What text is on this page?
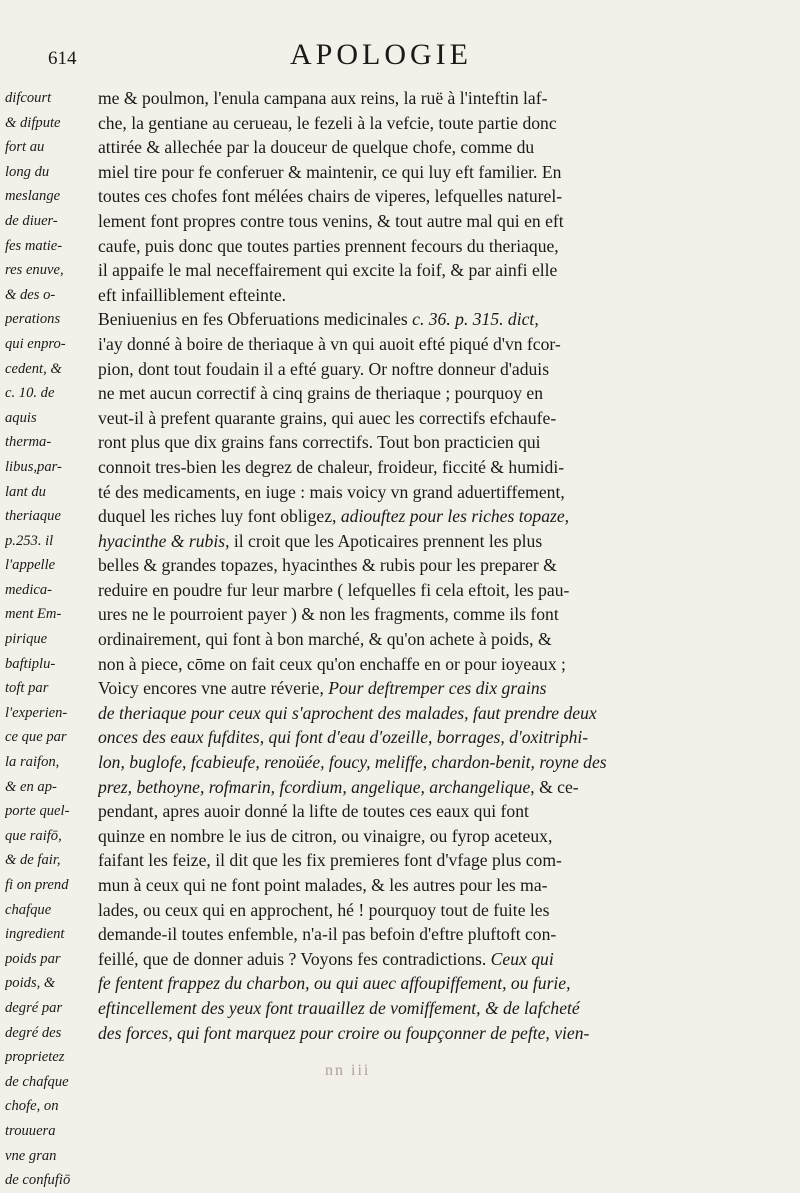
614	APOLOGIE
difcourt
& difpute
fort au
long du
meslange
de diuer-
fes matie-
res enuve,
& des o-
perations
qui enpro-
cedent, &
c. 10. de
aquis
therma-
libus,par-
lant du
theriaque
p.253. il
l'appelle
medica-
ment Em-
pirique
baftiplu-
toft par
l'experien-
ce que par
la raifon,
& en ap-
porte quel-
que raifō,
& de fair,
fi on prend
chafque
ingredient
poids par
poids, &
degré par
degré des
proprietez
de chafque
chofe, on
trouuera
vne gran
de confufiō
me & poulmon, l'enula campana aux reins, la ruë à l'inteftin laf-
che, la gentiane au cerueau, le fezeli à la vefcie, toute partie donc
attirée & allechée par la douceur de quelque chofe, comme du
miel tire pour fe conferuer & maintenir, ce qui luy eft familier. En
toutes ces chofes font mélées chairs de viperes, lefquelles naturel-
lement font propres contre tous venins, & tout autre mal qui en eft
caufe, puis donc que toutes parties prennent fecours du theriaque,
il appaife le mal neceffairement qui excite la foif, & par ainfi elle
eft infailliblement efteinte.
Beniuenius en fes Obferuations medicinales c. 36. p. 315. dict,
i'ay donné à boire de theriaque à vn qui auoit efté piqué d'vn fcor-
pion, dont tout foudain il a efté guary. Or noftre donneur d'aduis
ne met aucun correctif à cinq grains de theriaque ; pourquoy en
veut-il à prefent quarante grains, qui auec les correctifs efchaufe-
ront plus que dix grains fans correctifs. Tout bon practicien qui
connoit tres-bien les degrez de chaleur, froideur, ficcité & humidi-
té des medicaments, en iuge : mais voicy vn grand aduertiffement,
duquel les riches luy font obligez, adiouftez pour les riches topaze,
hyacinthe & rubis, il croit que les Apoticaires prennent les plus
belles & grandes topazes, hyacinthes & rubis pour les preparer &
reduire en poudre fur leur marbre ( lefquelles fi cela eftoit, les pau-
ures ne le pourroient payer ) & non les fragments, comme ils font
ordinairement, qui font à bon marché, & qu'on achete à poids, &
non à piece, cōme on fait ceux qu'on enchaffe en or pour ioyeaux ;
Voicy encores vne autre réverie, Pour deftremper ces dix grains
de theriaque pour ceux qui s'aprochent des malades, faut prendre deux
onces des eaux fufdites, qui font d'eau d'ozeille, borrages, d'oxitriphi-
lon, buglofe, fcabieufe, renoüée, foucy, meliffe, chardon-benit, royne des
prez, bethoyne, rofmarin, fcordium, angelique, archangelique, & ce-
pendant, apres auoir donné la lifte de toutes ces eaux qui font
quinze en nombre le ius de citron, ou vinaigre, ou fyrop aceteux,
faifant les feize, il dit que les fix premieres font d'vfage plus com-
mun à ceux qui ne font point malades, & les autres pour les ma-
lades, ou ceux qui en approchent, hé ! pourquoy tout de fuite les
demande-il toutes enfemble, n'a-il pas befoin d'eftre pluftoft con-
feillé, que de donner aduis ? Voyons fes contradictions. Ceux qui
fe fentent frappez du charbon, ou qui auec affoupiffement, ou furie,
eftincellement des yeux font trauaillez de vomiffement, & de lafcheté
des forces, qui font marquez pour croire ou foupçonner de pefte, vien-
nn iii
